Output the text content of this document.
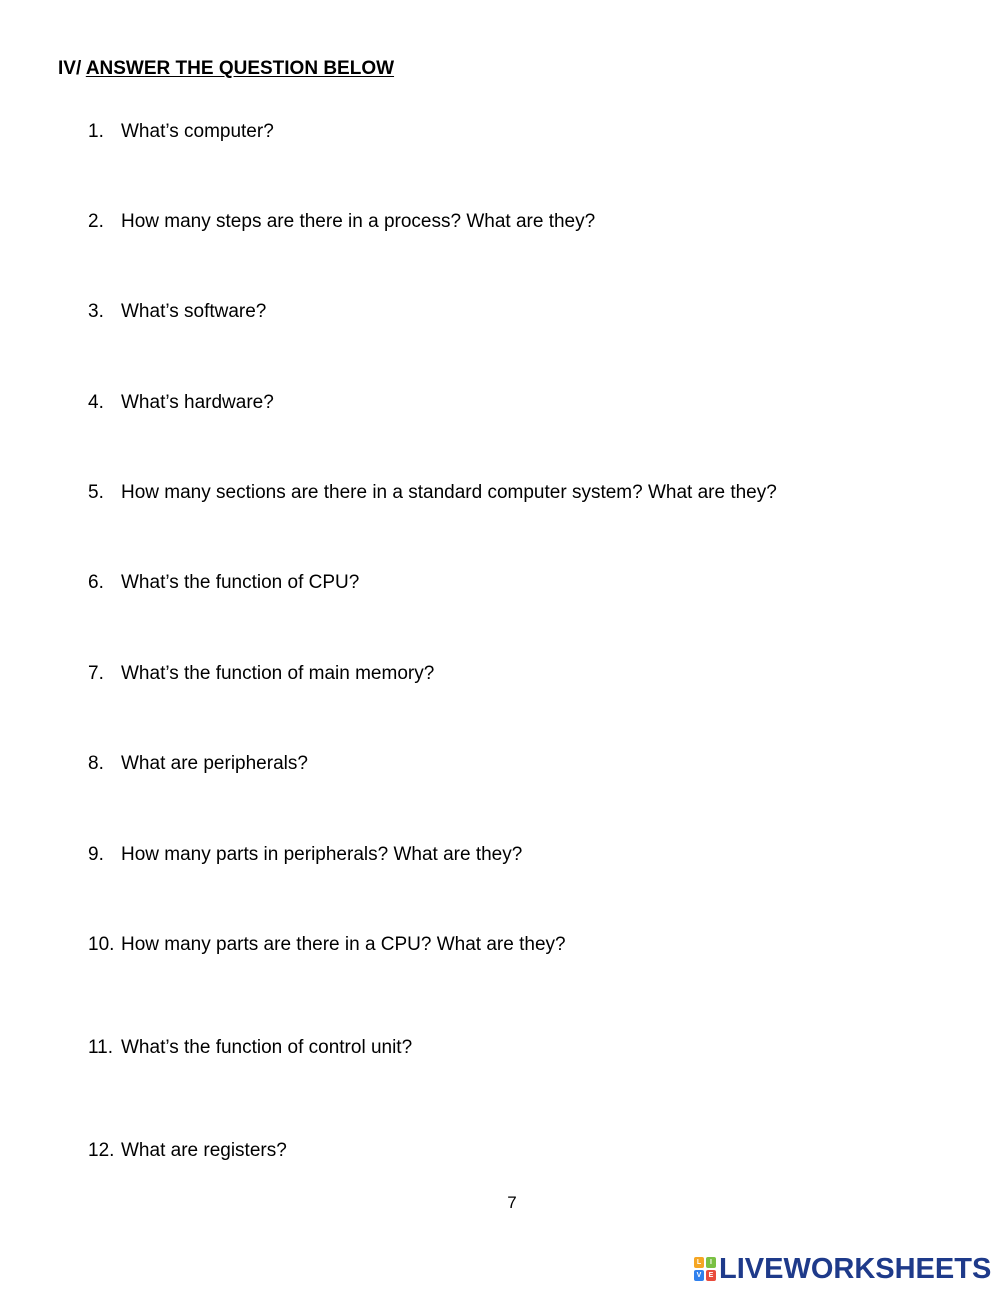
IV/ ANSWER THE QUESTION BELOW
1. What’s computer?
2. How many steps are there in a process? What are they?
3. What’s software?
4. What’s hardware?
5. How many sections are there in a standard computer system? What are they?
6. What’s the function of CPU?
7. What’s the function of main memory?
8. What are peripherals?
9. How many parts in peripherals? What are they?
10. How many parts are there in a CPU? What are they?
11. What’s the function of control unit?
12. What are registers?
7
L	I
V	E LIVEWORKSHEETS
